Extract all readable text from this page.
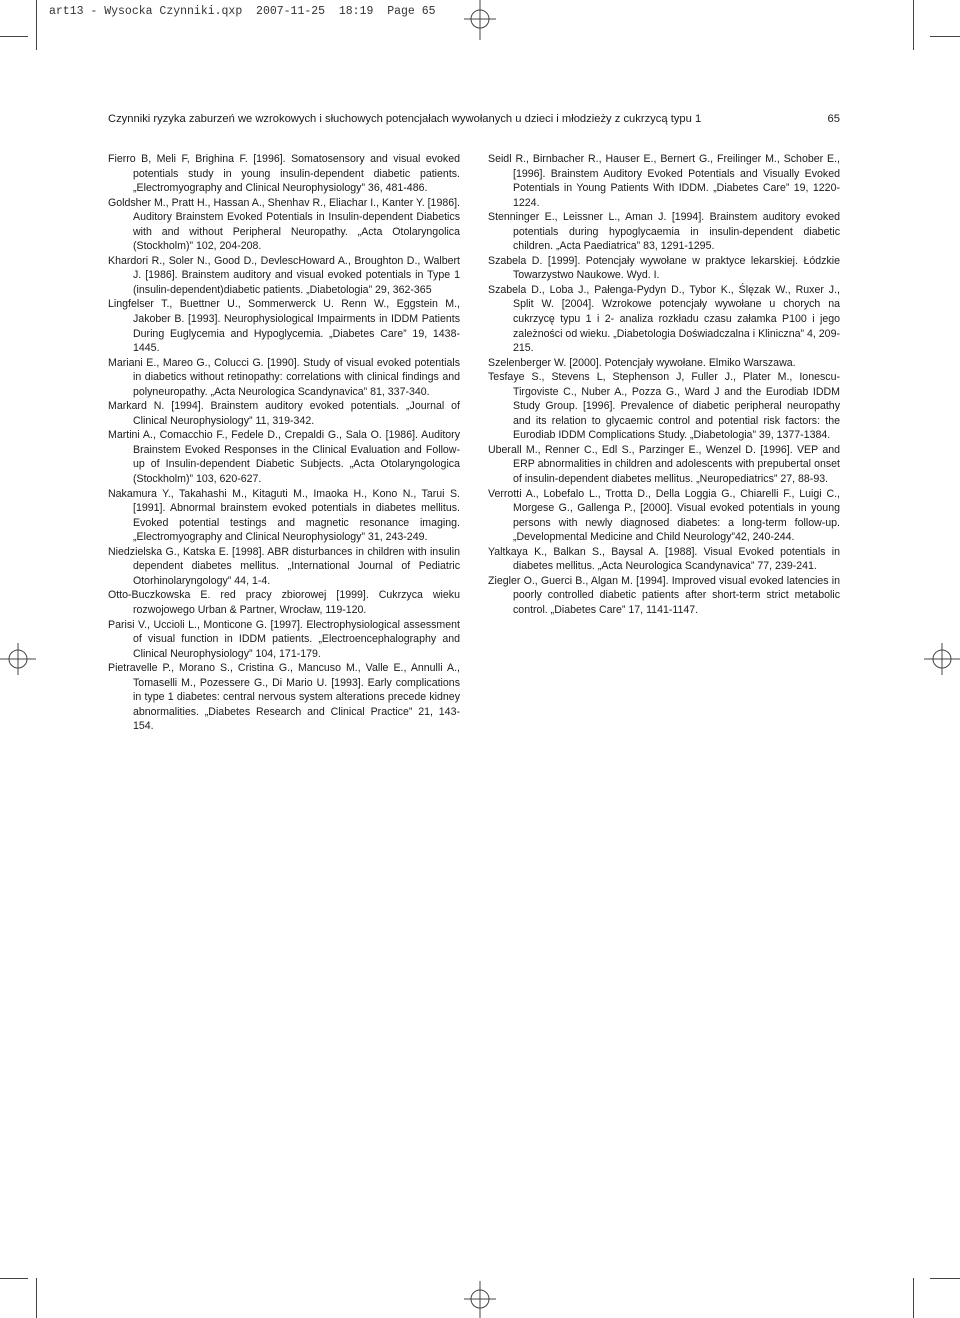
art13 - Wysocka Czynniki.qxp 2007-11-25 18:19 Page 65
Czynniki ryzyka zaburzeń we wzrokowych i słuchowych potencjałach wywołanych u dzieci i młodzieży z cukrzycą typu 1	65

Fierro B, Meli F, Brighina F. [1996]. Somatosensory and visual evoked potentials study in young insulin-dependent diabetic patients. „Electromyography and Clinical Neurophysiology” 36, 481-486.

Goldsher M., Pratt H., Hassan A., Shenhav R., Eliachar I., Kanter Y. [1986]. Auditory Brainstem Evoked Potentials in Insulin-dependent Diabetics with and without Peripheral Neuropathy. „Acta Otolaryngolica (Stockholm)” 102, 204-208.

Khardori R., Soler N., Good D., DevlescHoward A., Broughton D., Walbert J. [1986]. Brainstem auditory and visual evoked potentials in Type 1 (insulin-dependent)diabetic patients. „Diabetologia” 29, 362-365

Lingfelser T., Buettner U., Sommerwerck U. Renn W., Eggstein M., Jakober B. [1993]. Neurophysiological Impairments in IDDM Patients During Euglycemia and Hypoglycemia. „Diabetes Care” 19, 1438-1445.

Mariani E., Mareo G., Colucci G. [1990]. Study of visual evoked potentials in diabetics without retinopathy: correlations with clinical findings and polyneuropathy. „Acta Neurologica Scandynavica” 81, 337-340.

Markard N. [1994]. Brainstem auditory evoked potentials. „Journal of Clinical Neurophysiology” 11, 319-342.

Martini A., Comacchio F., Fedele D., Crepaldi G., Sala O. [1986]. Auditory Brainstem Evoked Responses in the Clinical Evaluation and Follow-up of Insulin-dependent Diabetic Subjects. „Acta Otolaryngologica (Stockholm)” 103, 620-627.

Nakamura Y., Takahashi M., Kitaguti M., Imaoka H., Kono N., Tarui S. [1991]. Abnormal brainstem evoked potentials in diabetes mellitus. Evoked potential testings and magnetic resonance imaging. „Electromyography and Clinical Neurophysiology” 31, 243-249.

Niedzielska G., Katska E. [1998]. ABR disturbances in children with insulin dependent diabetes mellitus. „International Journal of Pediatric Otorhinolaryngology” 44, 1-4.

Otto-Buczkowska E. red pracy zbiorowej [1999]. Cukrzyca wieku rozwojowego Urban & Partner, Wrocław, 119-120.

Parisi V., Uccioli L., Monticone G. [1997]. Electrophysiological assessment of visual function in IDDM patients. „Electroencephalography and Clinical Neurophysiology” 104, 171-179.

Pietravelle P., Morano S., Cristina G., Mancuso M., Valle E., Annulli A., Tomaselli M., Pozessere G., Di Mario U. [1993]. Early complications in type 1 diabetes: central nervous system alterations precede kidney abnormalities. „Diabetes Research and Clinical Practice” 21, 143-154.

Seidl R., Birnbacher R., Hauser E., Bernert G., Freilinger M., Schober E., [1996]. Brainstem Auditory Evoked Potentials and Visually Evoked Potentials in Young Patients With IDDM. „Diabetes Care” 19, 1220-1224.

Stenninger E., Leissner L., Aman J. [1994]. Brainstem auditory evoked potentials during hypoglycaemia in insulin-dependent diabetic children. „Acta Paediatrica” 83, 1291-1295.

Szabela D. [1999]. Potencjały wywołane w praktyce lekarskiej. Łódzkie Towarzystwo Naukowe. Wyd. I.

Szabela D., Loba J., Pałenga-Pydyn D., Tybor K., Ślęzak W., Ruxer J., Split W. [2004]. Wzrokowe potencjały wywołane u chorych na cukrzycę typu 1 i 2- analiza rozkładu czasu załamka P100 i jego zależności od wieku. „Diabetologia Doświadczalna i Kliniczna” 4, 209-215.

Szelenberger W. [2000]. Potencjały wywołane. Elmiko Warszawa.

Tesfaye S., Stevens L, Stephenson J, Fuller J., Plater M., Ionescu-Tirgoviste C., Nuber A., Pozza G., Ward J and the Eurodiab IDDM Study Group. [1996]. Prevalence of diabetic peripheral neuropathy and its relation to glycaemic control and potential risk factors: the Eurodiab IDDM Complications Study. „Diabetologia” 39, 1377-1384.

Uberall M., Renner C., Edl S., Parzinger E., Wenzel D. [1996]. VEP and ERP abnormalities in children and adolescents with prepubertal onset of insulin-dependent diabetes mellitus. „Neuropediatrics” 27, 88-93.

Verrotti A., Lobefalo L., Trotta D., Della Loggia G., Chiarelli F., Luigi C., Morgese G., Gallenga P., [2000]. Visual evoked potentials in young persons with newly diagnosed diabetes: a long-term follow-up. „Developmental Medicine and Child Neurology”42, 240-244.

Yaltkaya K., Balkan S., Baysal A. [1988]. Visual Evoked potentials in diabetes mellitus. „Acta Neurologica Scandynavica” 77, 239-241.

Ziegler O., Guerci B., Algan M. [1994]. Improved visual evoked latencies in poorly controlled diabetic patients after short-term strict metabolic control. „Diabetes Care” 17, 1141-1147.
